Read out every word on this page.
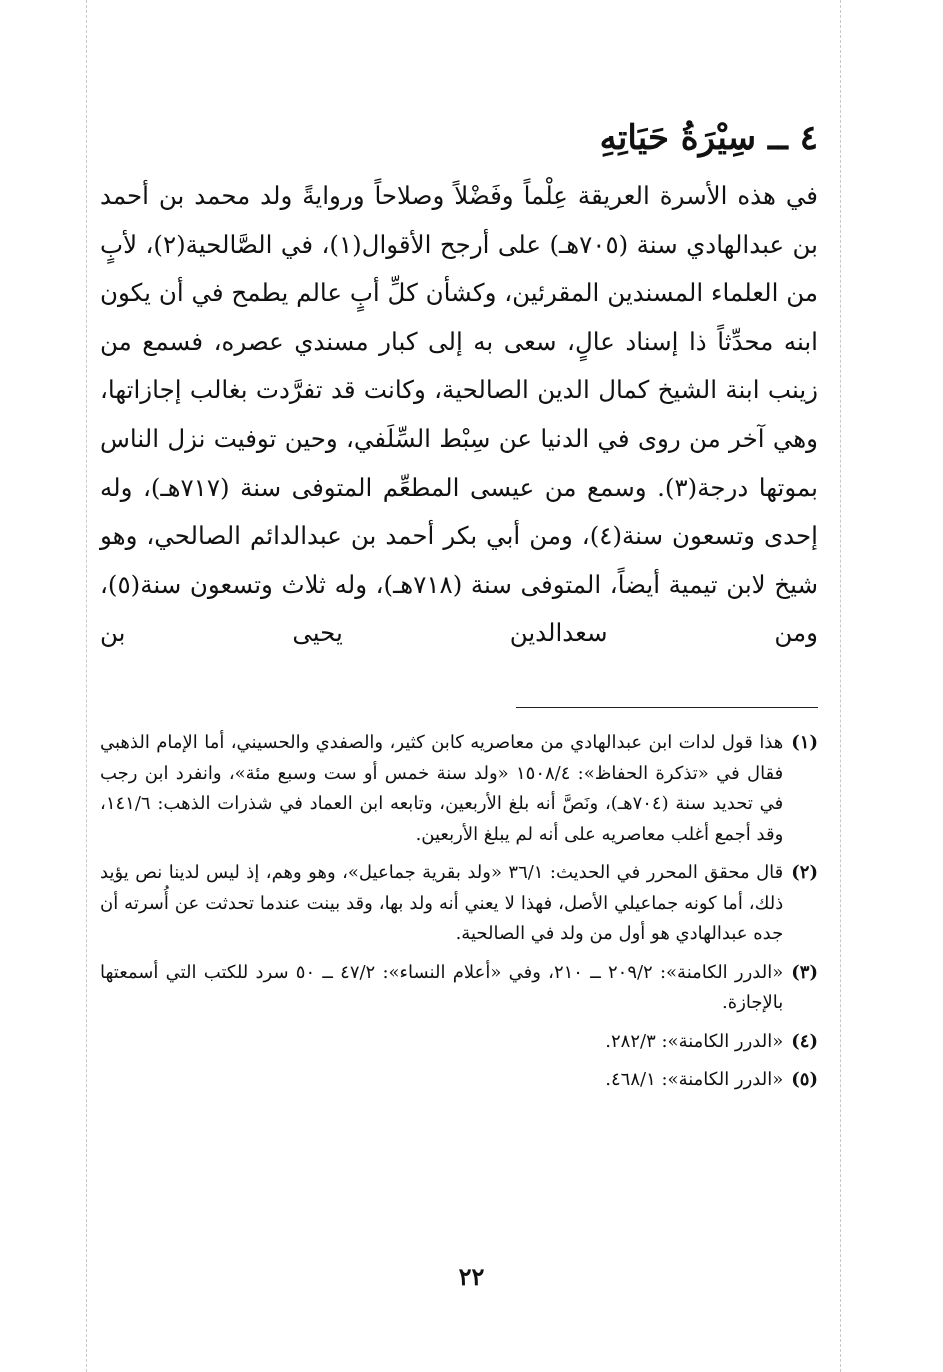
٤ ــ سِيْرَةُ حَيَاتِهِ

في هذه الأسرة العريقة عِلْماً وفَضْلاً وصلاحاً وروايةً ولد محمد بن أحمد بن عبدالهادي سنة (٧٠٥هـ) على أرجح الأقوال(١)، في الصَّالحية(٢)، لأبٍ من العلماء المسندين المقرئين، وكشأن كلِّ أبٍ عالم يطمح في أن يكون ابنه محدِّثاً ذا إسناد عالٍ، سعى به إلى كبار مسندي عصره، فسمع من زينب ابنة الشيخ كمال الدين الصالحية، وكانت قد تفرَّدت بغالب إجازاتها، وهي آخر من روى في الدنيا عن سِبْط السِّلَفي، وحين توفيت نزل الناس بموتها درجة(٣). وسمع من عيسى المطعِّم المتوفى سنة (٧١٧هـ)، وله إحدى وتسعون سنة(٤)، ومن أبي بكر أحمد بن عبدالدائم الصالحي، وهو شيخ لابن تيمية أيضاً، المتوفى سنة (٧١٨هـ)، وله ثلاث وتسعون سنة(٥)، ومن سعدالدين يحيى بن

(١)
هذا قول لدات ابن عبدالهادي من معاصريه كابن كثير، والصفدي والحسيني، أما الإمام الذهبي فقال في «تذكرة الحفاظ»: ١٥٠٨/٤ «ولد سنة خمس أو ست وسبع مئة»، وانفرد ابن رجب في تحديد سنة (٧٠٤هـ)، ونَصَّ أنه بلغ الأربعين، وتابعه ابن العماد في شذرات الذهب: ١٤١/٦، وقد أجمع أغلب معاصريه على أنه لم يبلغ الأربعين.
(٢)
قال محقق المحرر في الحديث: ٣٦/١ «ولد بقرية جماعيل»، وهو وهم، إذ ليس لدينا نص يؤيد ذلك، أما كونه جماعيلي الأصل، فهذا لا يعني أنه ولد بها، وقد بينت عندما تحدثت عن أُسرته أن جده عبدالهادي هو أول من ولد في الصالحية.
(٣)
«الدرر الكامنة»: ٢٠٩/٢ ــ ٢١٠، وفي «أعلام النساء»: ٤٧/٢ ــ ٥٠ سرد للكتب التي أسمعتها بالإجازة.
(٤)
«الدرر الكامنة»: ٢٨٢/٣.
(٥)
«الدرر الكامنة»: ٤٦٨/١.
٢٢
